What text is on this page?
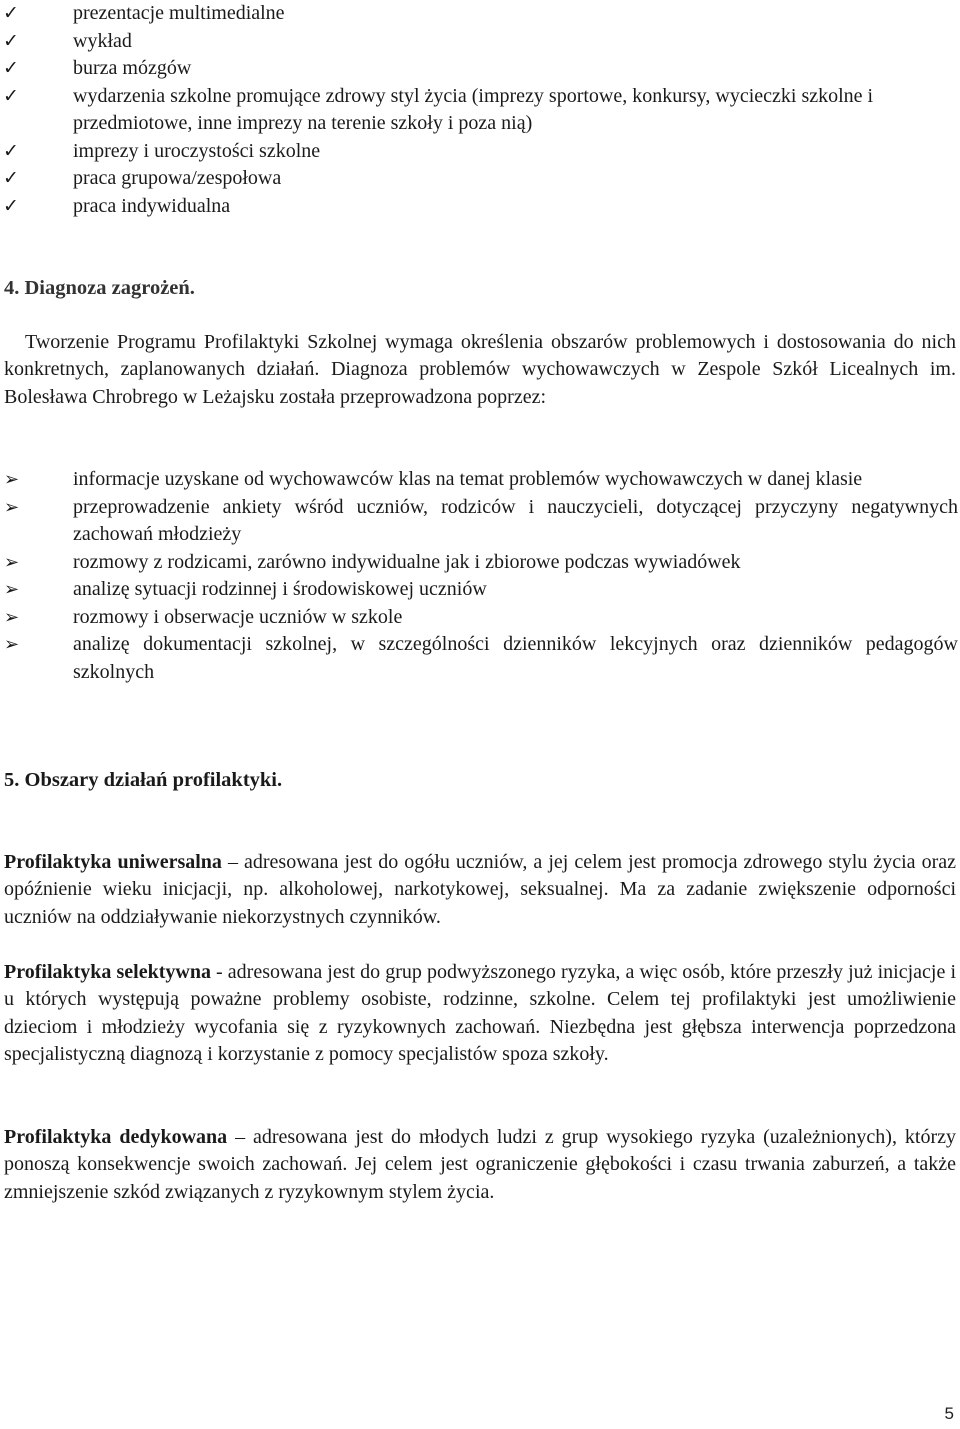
✓	prezentacje multimedialne
✓	wykład
✓	burza mózgów
✓	wydarzenia szkolne promujące zdrowy styl życia (imprezy sportowe, konkursy, wycieczki szkolne i przedmiotowe, inne imprezy na terenie szkoły i poza nią)
✓	imprezy i uroczystości szkolne
✓	praca grupowa/zespołowa
✓	praca indywidualna
4. Diagnoza zagrożeń.

Tworzenie Programu Profilaktyki Szkolnej wymaga określenia obszarów problemowych i dostosowania do nich konkretnych, zaplanowanych działań. Diagnoza problemów wychowawczych w Zespole Szkół Licealnych im. Bolesława Chrobrego w Leżajsku została przeprowadzona poprzez:

➢	informacje uzyskane od wychowawców klas na temat problemów wychowawczych w danej klasie
➢	przeprowadzenie ankiety wśród uczniów, rodziców i nauczycieli, dotyczącej przyczyny negatywnych zachowań młodzieży
➢	rozmowy z rodzicami, zarówno indywidualne jak i zbiorowe podczas wywiadówek
➢	analizę sytuacji rodzinnej i środowiskowej uczniów
➢	rozmowy i obserwacje uczniów w szkole
➢	analizę dokumentacji szkolnej, w szczególności dzienników lekcyjnych oraz dzienników pedagogów szkolnych
5. Obszary działań profilaktyki.

Profilaktyka uniwersalna – adresowana jest do ogółu uczniów, a jej celem jest promocja zdrowego stylu życia oraz opóźnienie wieku inicjacji, np. alkoholowej, narkotykowej, seksualnej. Ma za zadanie zwiększenie odporności uczniów na oddziaływanie niekorzystnych czynników.

Profilaktyka selektywna - adresowana jest do grup podwyższonego ryzyka, a więc osób, które przeszły już inicjacje i u których występują poważne problemy osobiste, rodzinne, szkolne. Celem tej profilaktyki jest umożliwienie dzieciom i młodzieży wycofania się z ryzykownych zachowań. Niezbędna jest głębsza interwencja poprzedzona specjalistyczną diagnozą i korzystanie z pomocy specjalistów spoza szkoły.

Profilaktyka dedykowana – adresowana jest do młodych ludzi z grup wysokiego ryzyka (uzależnionych), którzy ponoszą konsekwencje swoich zachowań. Jej celem jest ograniczenie głębokości i czasu trwania zaburzeń, a także zmniejszenie szkód związanych z ryzykownym stylem życia.

5
